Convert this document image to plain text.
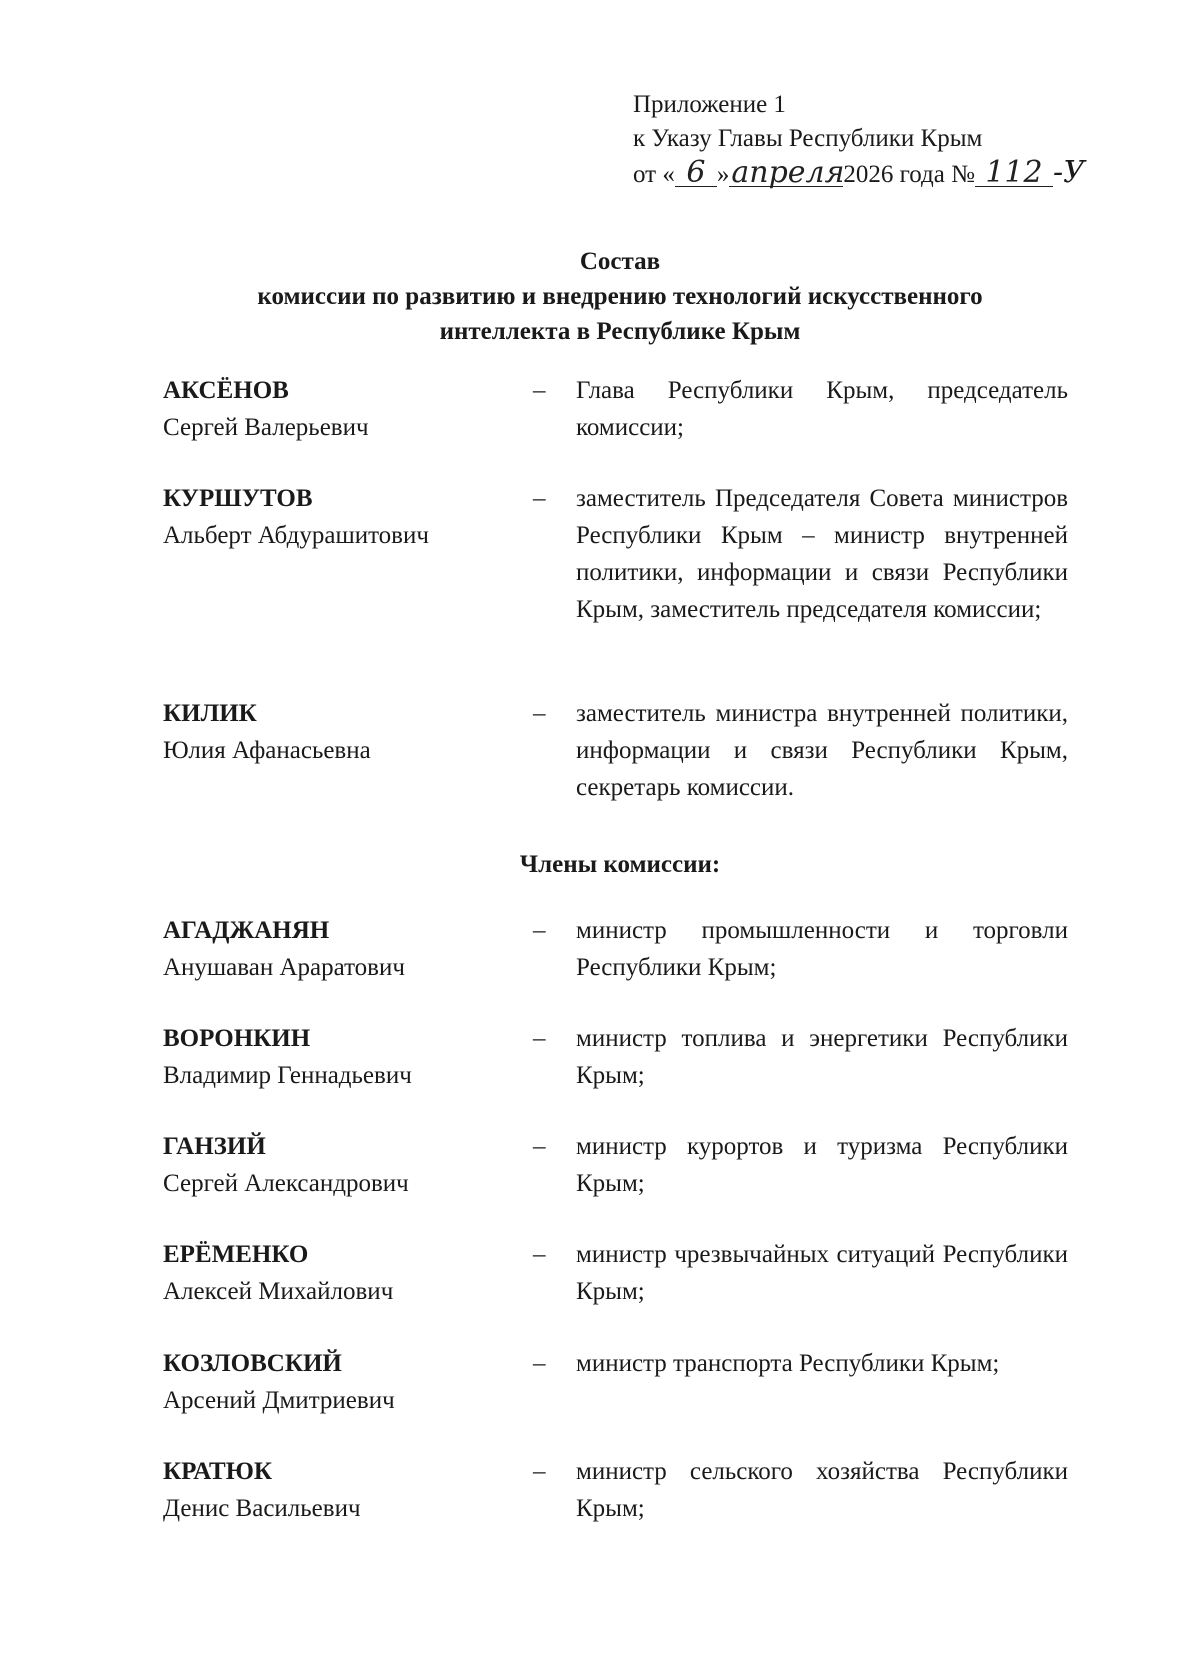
Приложение 1
к Указу Главы Республики Крым
от « 6 »апреля2026 года № 112 -У
Состав
комиссии по развитию и внедрению технологий искусственного
интеллекта в Республике Крым
АКСЁНОВ
Сергей Валерьевич
– Глава Республики Крым, председатель комиссии;
КУРШУТОВ
Альберт Абдурашитович
– заместитель Председателя Совета министров Республики Крым – министр внутренней политики, информации и связи Республики Крым, заместитель председателя комиссии;
КИЛИК
Юлия Афанасьевна
– заместитель министра внутренней политики, информации и связи Республики Крым, секретарь комиссии.
Члены комиссии:
АГАДЖАНЯН
Анушаван Араратович
– министр промышленности и торговли Республики Крым;
ВОРОНКИН
Владимир Геннадьевич
– министр топлива и энергетики Республики Крым;
ГАНЗИЙ
Сергей Александрович
– министр курортов и туризма Республики Крым;
ЕРЁМЕНКО
Алексей Михайлович
– министр чрезвычайных ситуаций Республики Крым;
КОЗЛОВСКИЙ
Арсений Дмитриевич
– министр транспорта Республики Крым;
КРАТЮК
Денис Васильевич
– министр сельского хозяйства Республики Крым;
